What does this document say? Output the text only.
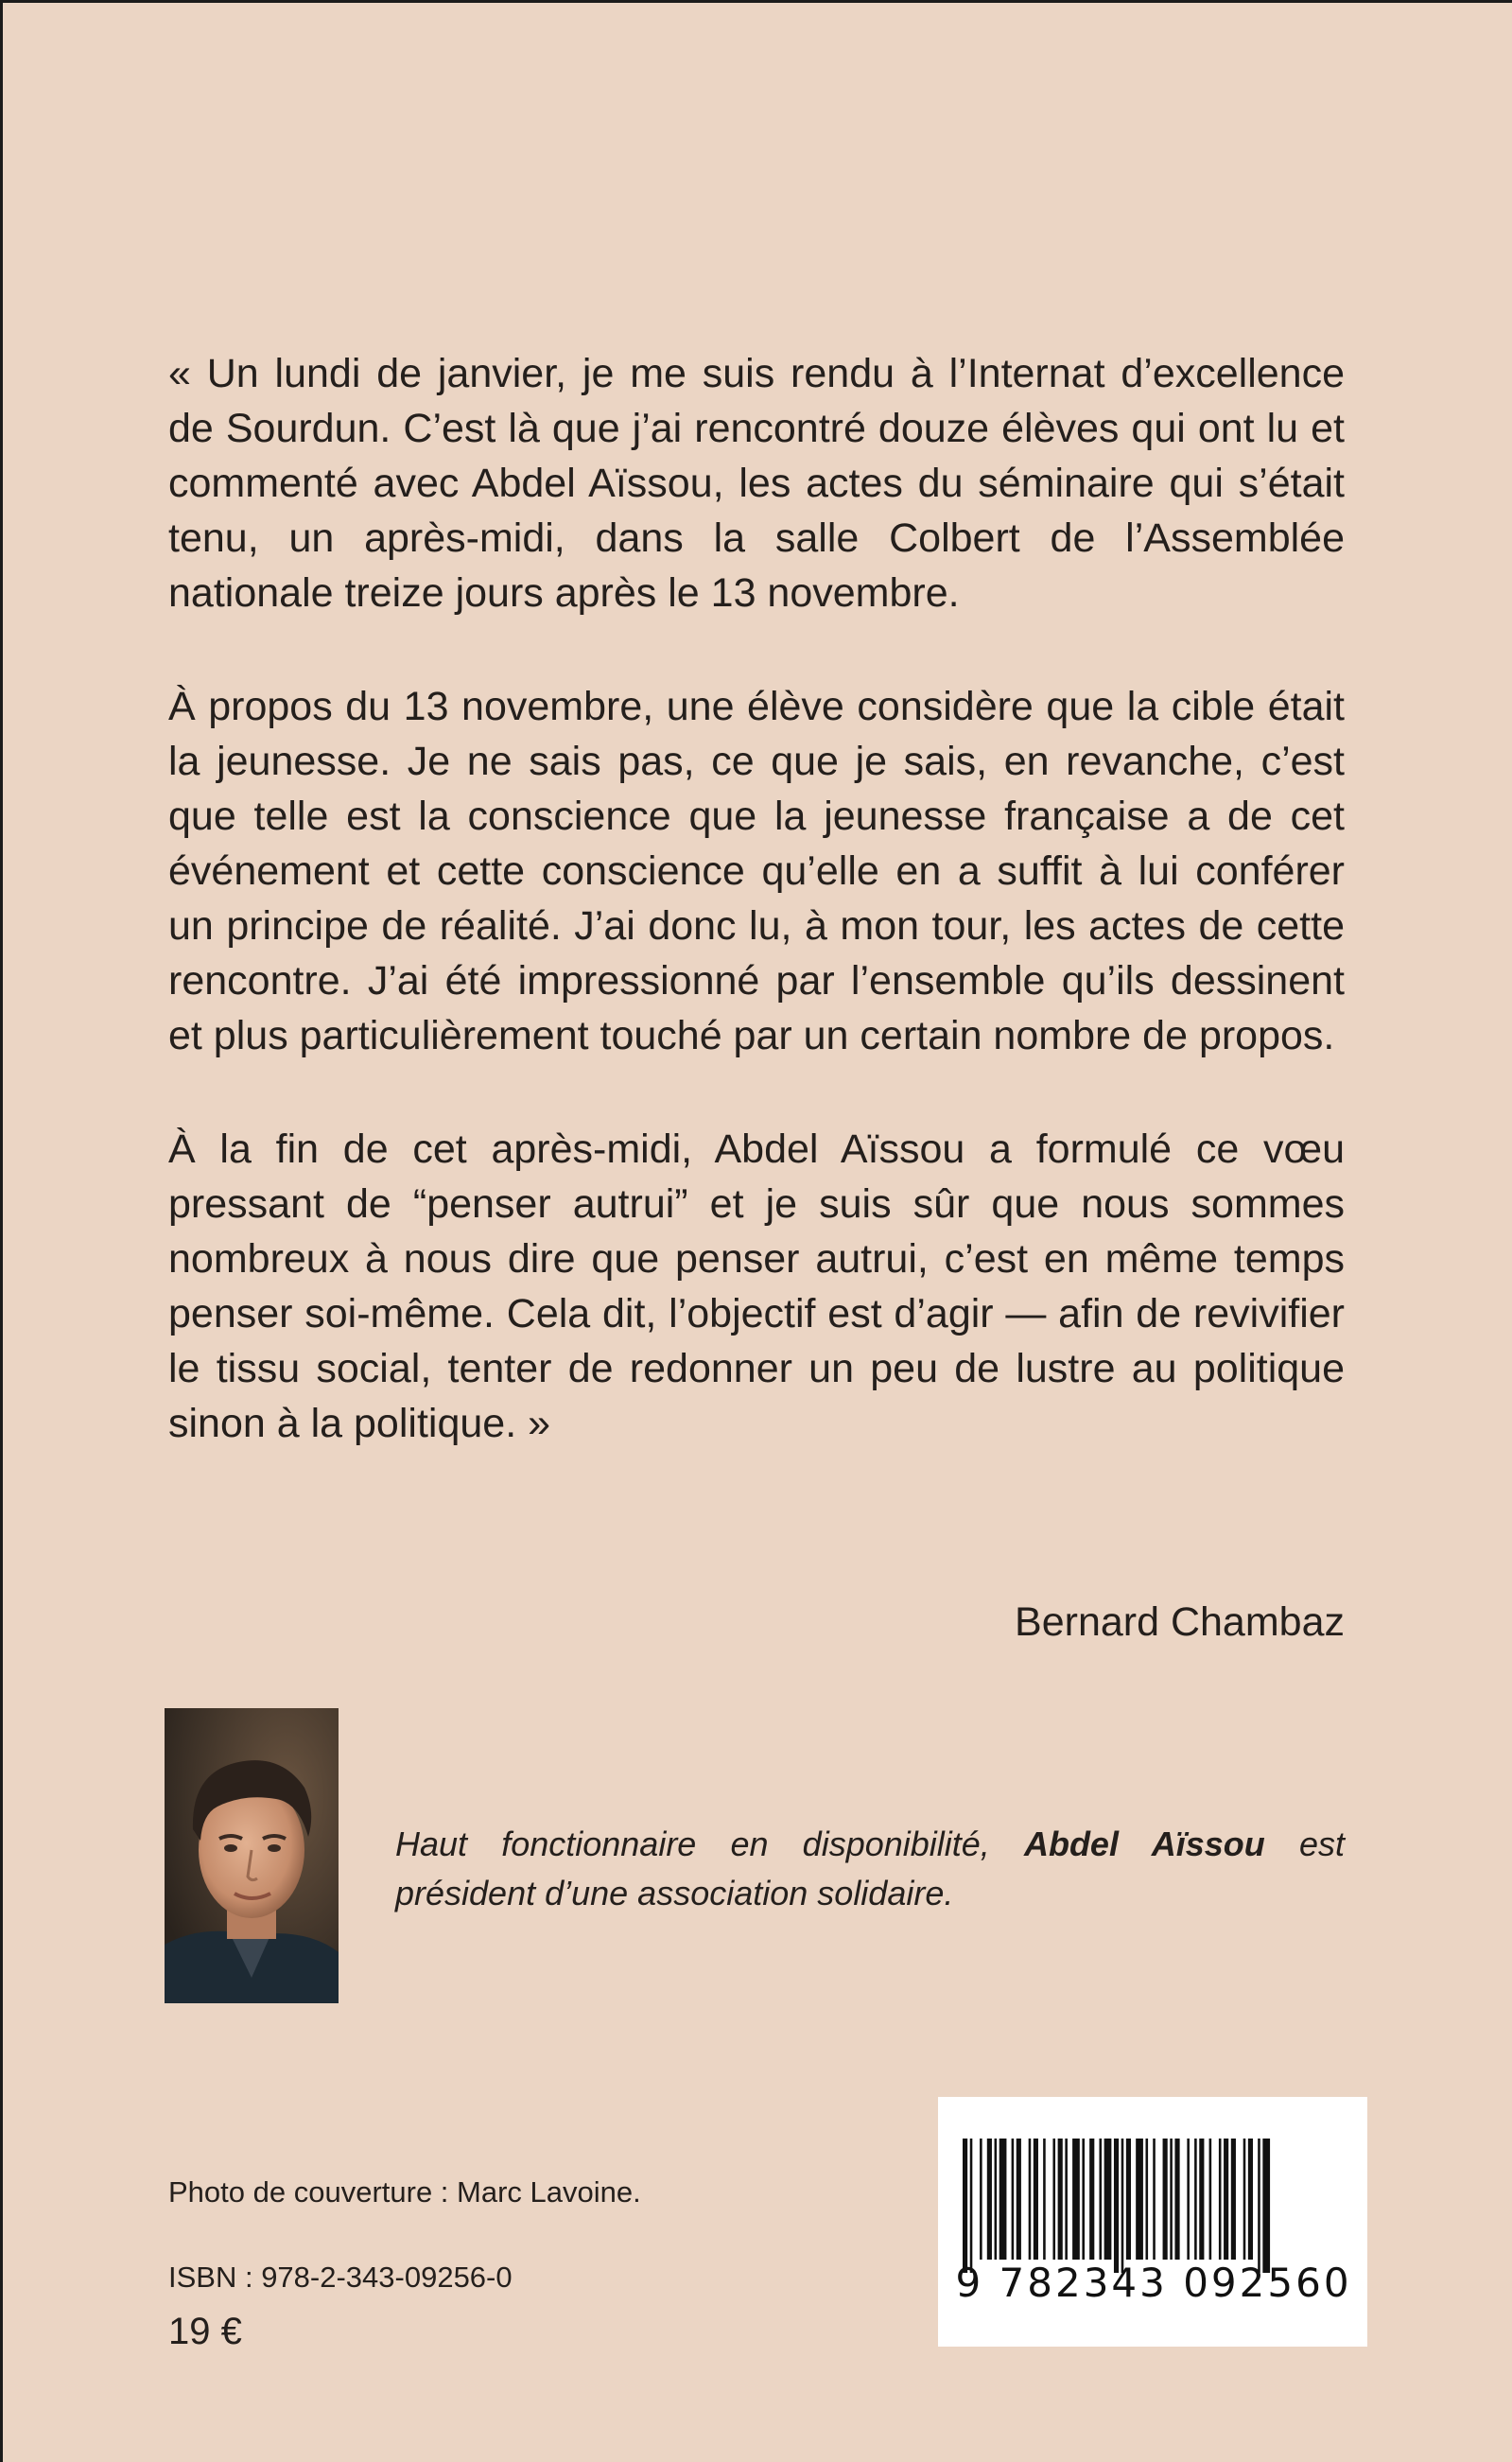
« Un lundi de janvier, je me suis rendu à l’Internat d’excellence de Sourdun. C’est là que j’ai rencontré douze élèves qui ont lu et commenté avec Abdel Aïssou, les actes du séminaire qui s’était tenu, un après-midi, dans la salle Colbert de l’Assemblée nationale treize jours après le 13 novembre.

À propos du 13 novembre, une élève considère que la cible était la jeunesse. Je ne sais pas, ce que je sais, en revanche, c’est que telle est la conscience que la jeunesse française a de cet événement et cette conscience qu’elle en a suffit à lui conférer un principe de réalité. J’ai donc lu, à mon tour, les actes de cette rencontre. J’ai été impressionné par l’ensemble qu’ils dessinent et plus particulièrement touché par un certain nombre de propos.

À la fin de cet après-midi, Abdel Aïssou a formulé ce vœu pressant de “penser autrui” et je suis sûr que nous sommes nombreux à nous dire que penser autrui, c’est en même temps penser soi-même. Cela dit, l’objectif est d’agir — afin de revivifier le tissu social, tenter de redonner un peu de lustre au politique sinon à la politique. »

Bernard Chambaz
Haut fonctionnaire en disponibilité, Abdel Aïssou est président d’une association solidaire.
Photo de couverture : Marc Lavoine.
ISBN : 978-2-343-09256-0
19 €
9 782343 092560
